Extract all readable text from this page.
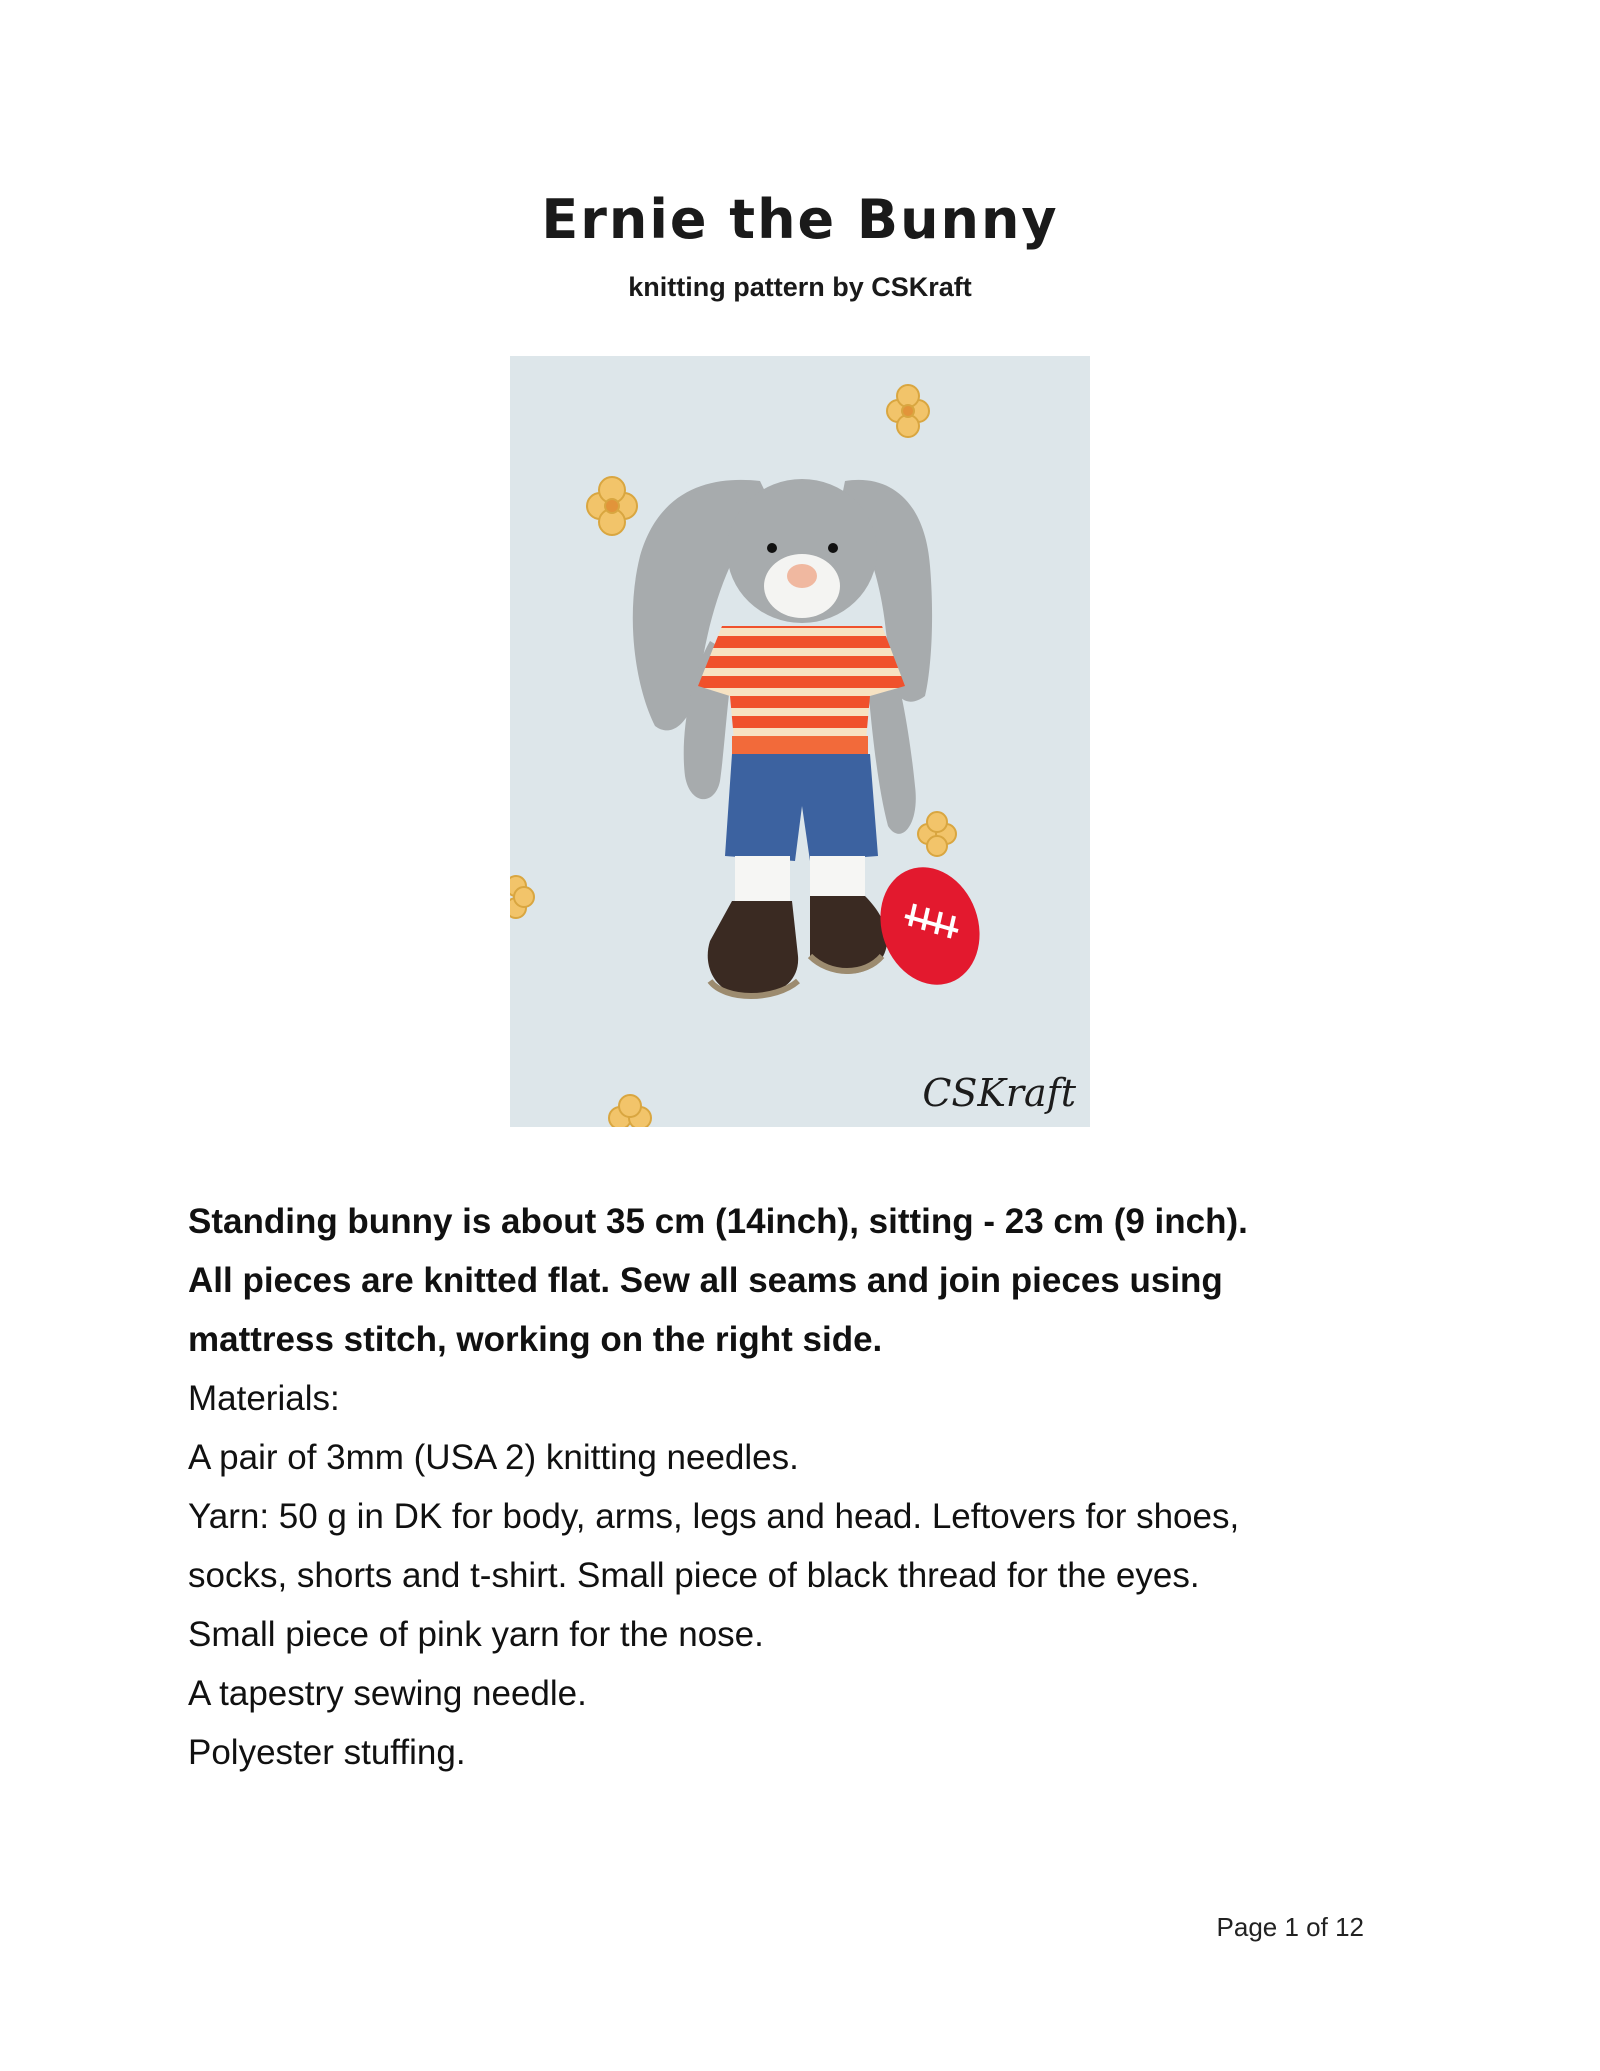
Ernie the Bunny
knitting pattern by CSKraft
CSKraft

Standing bunny is about 35 cm (14inch), sitting - 23 cm (9 inch).

All pieces are knitted flat. Sew all seams and join pieces using

mattress stitch, working on the right side.

Materials:

A pair of 3mm (USA 2) knitting needles.

Yarn: 50 g in DK for body, arms, legs and head. Leftovers for shoes,

socks, shorts and t-shirt. Small piece of black thread for the eyes.

Small piece of pink yarn for the nose.

A tapestry sewing needle.

Polyester stuffing.

Page 1 of 12
